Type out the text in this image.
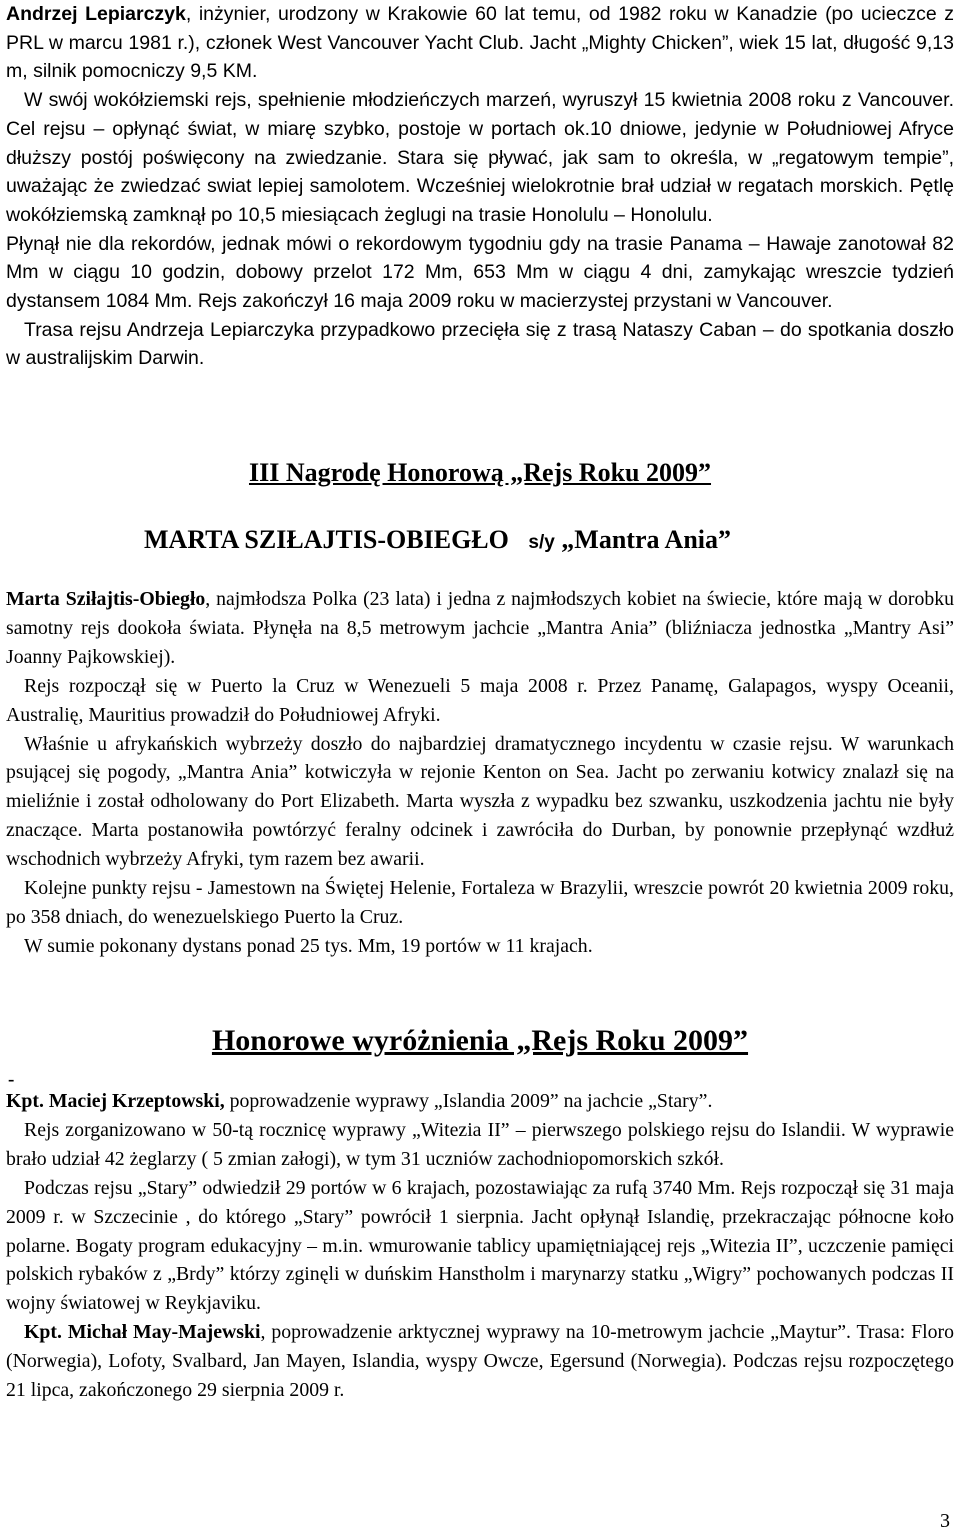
Andrzej Lepiarczyk, inżynier, urodzony w Krakowie 60 lat temu, od 1982 roku w Kanadzie (po ucieczce z PRL w marcu 1981 r.), członek West Vancouver Yacht Club. Jacht „Mighty Chicken”, wiek 15 lat, długość 9,13 m, silnik pomocniczy 9,5 KM.

W swój wokółziemski rejs, spełnienie młodzieńczych marzeń, wyruszył 15 kwietnia 2008 roku z Vancouver. Cel rejsu – opłynąć świat, w miarę szybko, postoje w portach ok.10 dniowe, jedynie w Południowej Afryce dłuższy postój poświęcony na zwiedzanie. Stara się pływać, jak sam to określa, w „regatowym tempie”, uważając że zwiedzać swiat lepiej samolotem. Wcześniej wielokrotnie brał udział w regatach morskich. Pętlę wokółziemską zamknął po 10,5 miesiącach żeglugi na trasie Honolulu – Honolulu.

Płynął nie dla rekordów, jednak mówi o rekordowym tygodniu gdy na trasie Panama – Hawaje zanotował 82 Mm w ciągu 10 godzin, dobowy przelot 172 Mm, 653 Mm w ciągu 4 dni, zamykając wreszcie tydzień dystansem 1084 Mm. Rejs zakończył 16 maja 2009 roku w macierzystej przystani w Vancouver.

Trasa rejsu Andrzeja Lepiarczyka przypadkowo przecięła się z trasą Nataszy Caban – do spotkania doszło w australijskim Darwin.

III Nagrodę Honorową „Rejs Roku 2009”
MARTA SZIŁAJTIS-OBIEGŁO s/y „Mantra Ania”

Marta Sziłajtis-Obiegło, najmłodsza Polka (23 lata) i jedna z najmłodszych kobiet na świecie, które mają w dorobku samotny rejs dookoła świata. Płynęła na 8,5 metrowym jachcie „Mantra Ania” (bliźniacza jednostka „Mantry Asi” Joanny Pajkowskiej).

Rejs rozpoczął się w Puerto la Cruz w Wenezueli 5 maja 2008 r. Przez Panamę, Galapagos, wyspy Oceanii, Australię, Mauritius prowadził do Południowej Afryki.

Właśnie u afrykańskich wybrzeży doszło do najbardziej dramatycznego incydentu w czasie rejsu. W warunkach psującej się pogody, „Mantra Ania” kotwiczyła w rejonie Kenton on Sea. Jacht po zerwaniu kotwicy znalazł się na mieliźnie i został odholowany do Port Elizabeth. Marta wyszła z wypadku bez szwanku, uszkodzenia jachtu nie były znaczące. Marta postanowiła powtórzyć feralny odcinek i zawróciła do Durban, by ponownie przepłynąć wzdłuż wschodnich wybrzeży Afryki, tym razem bez awarii.

Kolejne punkty rejsu - Jamestown na Świętej Helenie, Fortaleza w Brazylii, wreszcie powrót 20 kwietnia 2009 roku, po 358 dniach, do wenezuelskiego Puerto la Cruz.

W sumie pokonany dystans ponad 25 tys. Mm, 19 portów w 11 krajach.

Honorowe wyróżnienia „Rejs Roku 2009”
-

Kpt. Maciej Krzeptowski, poprowadzenie wyprawy „Islandia 2009” na jachcie „Stary”.

Rejs zorganizowano w 50-tą rocznicę wyprawy „Witezia II” – pierwszego polskiego rejsu do Islandii. W wyprawie brało udział 42 żeglarzy ( 5 zmian załogi), w tym 31 uczniów zachodniopomorskich szkół.

Podczas rejsu „Stary” odwiedził 29 portów w 6 krajach, pozostawiając za rufą 3740 Mm. Rejs rozpoczął się 31 maja 2009 r. w Szczecinie , do którego „Stary” powrócił 1 sierpnia. Jacht opłynął Islandię, przekraczając północne koło polarne. Bogaty program edukacyjny – m.in. wmurowanie tablicy upamiętniającej rejs „Witezia II”, uczczenie pamięci polskich rybaków z „Brdy” którzy zginęli w duńskim Hanstholm i marynarzy statku „Wigry” pochowanych podczas II wojny światowej w Reykjaviku.

Kpt. Michał May-Majewski, poprowadzenie arktycznej wyprawy na 10-metrowym jachcie „Maytur”. Trasa: Floro (Norwegia), Lofoty, Svalbard, Jan Mayen, Islandia, wyspy Owcze, Egersund (Norwegia). Podczas rejsu rozpoczętego 21 lipca, zakończonego 29 sierpnia 2009 r.

3
